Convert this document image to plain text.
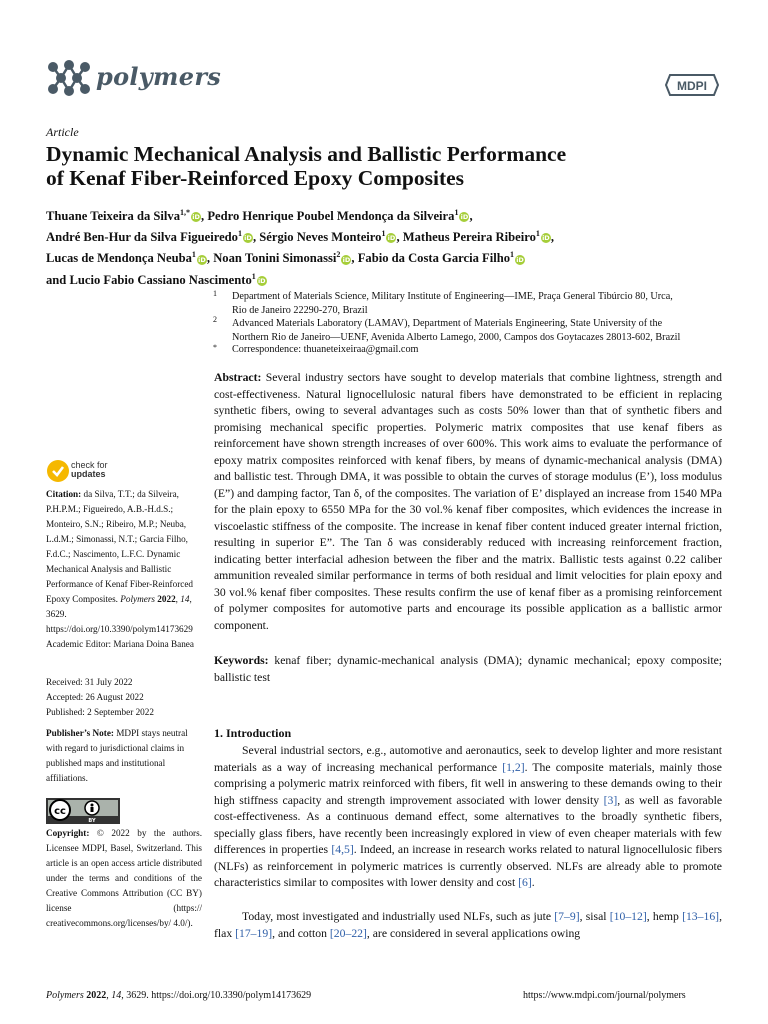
polymers	MDPI
Article
Dynamic Mechanical Analysis and Ballistic Performance
of Kenaf Fiber-Reinforced Epoxy Composites
Thuane Teixeira da Silva$^{1,*}$iD, Pedro Henrique Poubel Mendonça da Silveira$^1$iD,
André Ben-Hur da Silva Figueiredo$^1$iD, Sérgio Neves Monteiro$^1$iD, Matheus Pereira Ribeiro$^1$iD,
Lucas de Mendonça Neuba$^1$iD, Noan Tonini Simonassi$^2$iD, Fabio da Costa Garcia Filho$^1$iD
and Lucio Fabio Cassiano Nascimento$^1$iD
1 Department of Materials Science, Military Institute of Engineering—IME, Praça General Tibúrcio 80, Urca,
Rio de Janeiro 22290-270, Brazil
2 Advanced Materials Laboratory (LAMAV), Department of Materials Engineering, State University of the
Northern Rio de Janeiro—UENF, Avenida Alberto Lamego, 2000, Campos dos Goytacazes 28013-602, Brazil
* Correspondence: thuaneteixeiraa@gmail.com
Abstract: Several industry sectors have sought to develop materials that combine lightness, strength and cost-effectiveness. Natural lignocellulosic natural fibers have demonstrated to be efficient in replacing synthetic fibers, owing to several advantages such as costs 50% lower than that of synthetic fibers and promising mechanical specific properties. Polymeric matrix composites that use kenaf fibers as reinforcement have shown strength increases of over 600%. This work aims to evaluate the performance of epoxy matrix composites reinforced with kenaf fibers, by means of dynamic-mechanical analysis (DMA) and ballistic test. Through DMA, it was possible to obtain the curves of storage modulus (E’), loss modulus (E”) and damping factor, Tan δ, of the composites. The variation of E’ displayed an increase from 1540 MPa for the plain epoxy to 6550 MPa for the 30 vol.% kenaf fiber composites, which evidences the increase in viscoelastic stiffness of the composite. The increase in kenaf fiber content induced greater internal friction, resulting in superior E”. The Tan δ was considerably reduced with increasing reinforcement fraction, indicating better interfacial adhesion between the fiber and the matrix. Ballistic tests against 0.22 caliber ammunition revealed similar performance in terms of both residual and limit velocities for plain epoxy and 30 vol.% kenaf fiber composites. These results confirm the use of kenaf fiber as a promising reinforcement of polymer composites for automotive parts and encourage its possible application as a ballistic armor component.
Keywords: kenaf fiber; dynamic-mechanical analysis (DMA); dynamic mechanical; epoxy composite; ballistic test
1. Introduction
Several industrial sectors, e.g., automotive and aeronautics, seek to develop lighter and more resistant materials as a way of increasing mechanical performance [1,2]. The composite materials, mainly those comprising a polymeric matrix reinforced with fibers, fit well in answering to these demands owing to their high stiffness capacity and strength improvement associated with lower density [3], as well as favorable cost-effectiveness. As a continuous demand effect, some alternatives to the broadly synthetic fibers, specially glass fibers, have recently been increasingly explored in view of even cheaper materials with few differences in properties [4,5]. Indeed, an increase in research works related to natural lignocellulosic fibers (NLFs) as reinforcement in polymeric matrices is currently observed. NLFs are already able to promote characteristics similar to composites with lower density and cost [6].
Today, most investigated and industrially used NLFs, such as jute [7–9], sisal [10–12], hemp [13–16], flax [17–19], and cotton [20–22], are considered in several applications owing
check for
updates
Citation: da Silva, T.T.; da Silveira, P.H.P.M.; Figueiredo, A.B.-H.d.S.; Monteiro, S.N.; Ribeiro, M.P.; Neuba, L.d.M.; Simonassi, N.T.; Garcia Filho, F.d.C.; Nascimento, L.F.C. Dynamic Mechanical Analysis and Ballistic Performance of Kenaf Fiber-Reinforced Epoxy Composites. Polymers 2022, 14, 3629. https://doi.org/10.3390/polym14173629
Academic Editor: Mariana Doina Banea
Received: 31 July 2022
Accepted: 26 August 2022
Published: 2 September 2022
Publisher’s Note: MDPI stays neutral with regard to jurisdictional claims in published maps and institutional affiliations.
cc
BY
Copyright: © 2022 by the authors. Licensee MDPI, Basel, Switzerland. This article is an open access article distributed under the terms and conditions of the Creative Commons Attribution (CC BY) license (https:// creativecommons.org/licenses/by/ 4.0/).
Polymers 2022, 14, 3629. https://doi.org/10.3390/polym14173629	https://www.mdpi.com/journal/polymers
